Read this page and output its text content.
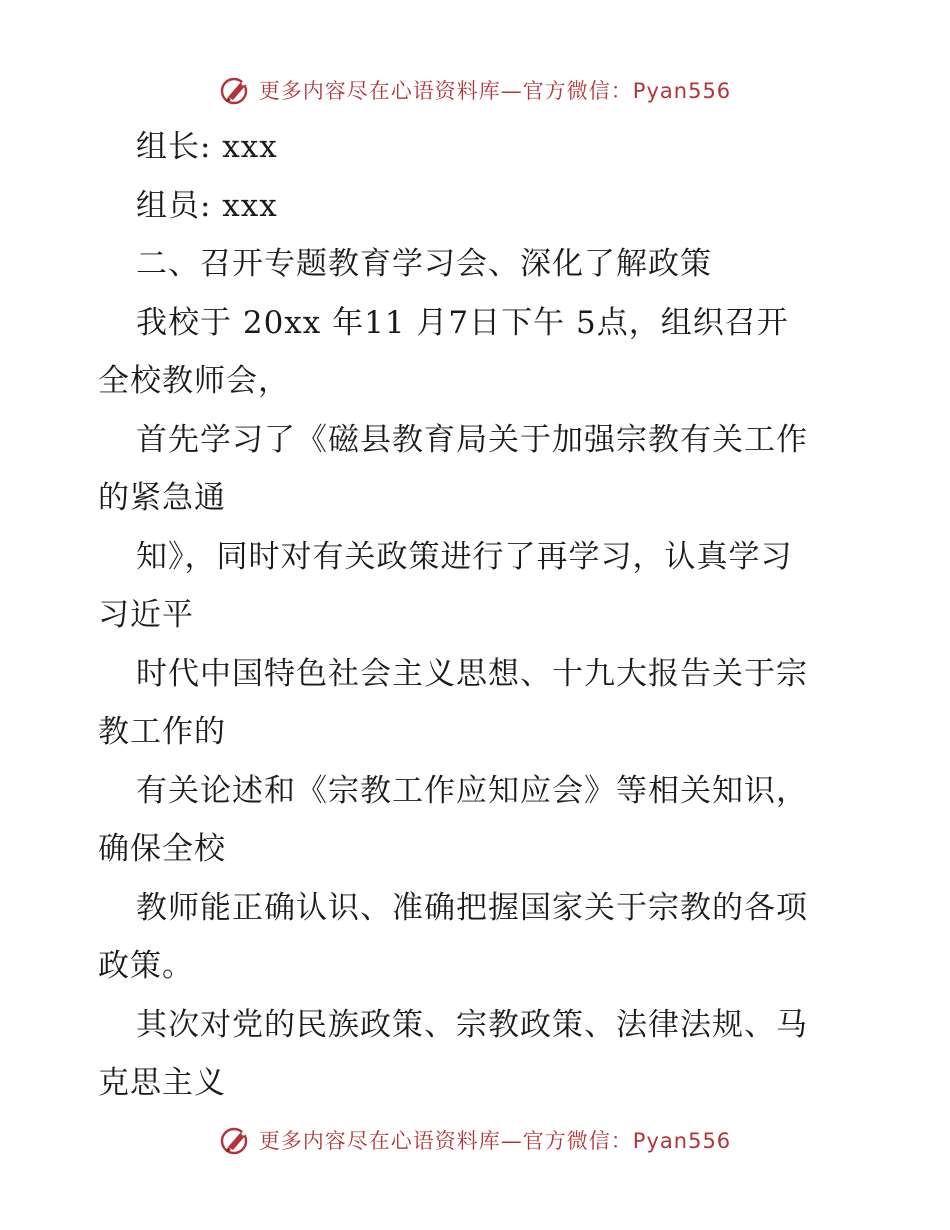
更多内容尽在心语资料库—官方微信：Pyan556
组长: xxx
组员: xxx
二、召开专题教育学习会、深化了解政策
我校于 20xx 年11 月7日下午 5点，组织召开
全校教师会，
首先学习了《磁县教育局关于加强宗教有关工作
的紧急通
知》，同时对有关政策进行了再学习，认真学习
习近平
时代中国特色社会主义思想、十九大报告关于宗
教工作的
有关论述和《宗教工作应知应会》等相关知识，
确保全校
教师能正确认识、准确把握国家关于宗教的各项
政策。
其次对党的民族政策、宗教政策、法律法规、马
克思主义
更多内容尽在心语资料库—官方微信：Pyan556
